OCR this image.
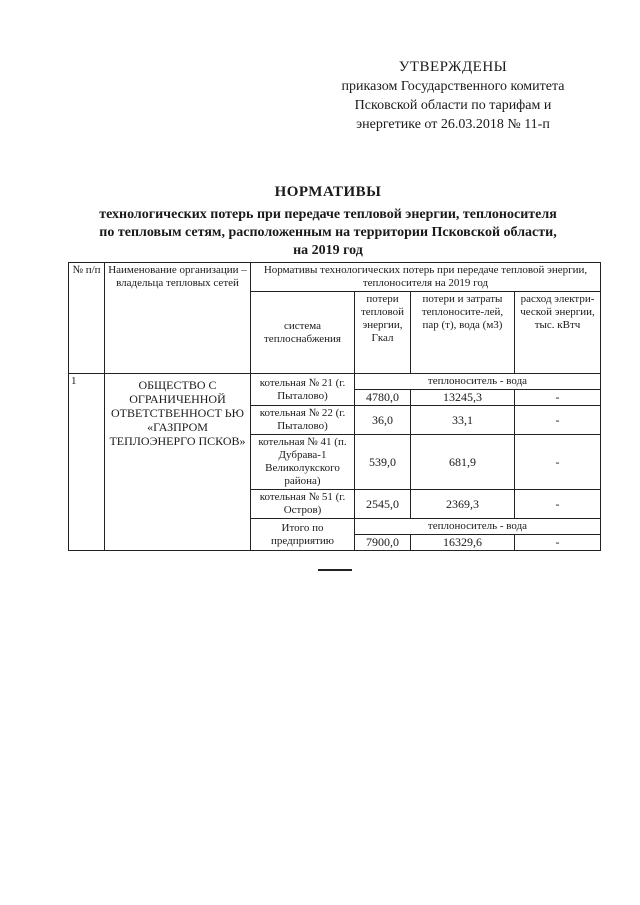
УТВЕРЖДЕНЫ
приказом Государственного комитета
Псковской области по тарифам и
энергетике от 26.03.2018 № 11-п
НОРМАТИВЫ
технологических потерь при передаче тепловой энергии, теплоносителя
по тепловым сетям, расположенным на территории Псковской области,
на 2019 год
№ п/п	Наименование организации – владельца тепловых сетей	Нормативы технологических потерь при передаче тепловой энергии, теплоносителя на 2019 год			
		система теплоснабжения	потери тепловой энергии, Гкал	потери и затраты теплоносите-лей, пар (т), вода (м3)	расход электри-ческой энергии, тыс. кВтч
1	ОБЩЕСТВО С ОГРАНИЧЕННОЙ ОТВЕТСТВЕННОСТ ЬЮ «ГАЗПРОМ ТЕПЛОЭНЕРГО ПСКОВ»	котельная № 21 (г. Пыталово)	теплоноситель - вода		
			4780,0	13245,3	-
		котельная № 22 (г. Пыталово)	36,0	33,1	-
		котельная № 41 (п. Дубрава-1 Великолукского района)	539,0	681,9	-
		котельная № 51 (г. Остров)	2545,0	2369,3	-
		Итого по предприятию	теплоноситель - вода		
			7900,0	16329,6	-
